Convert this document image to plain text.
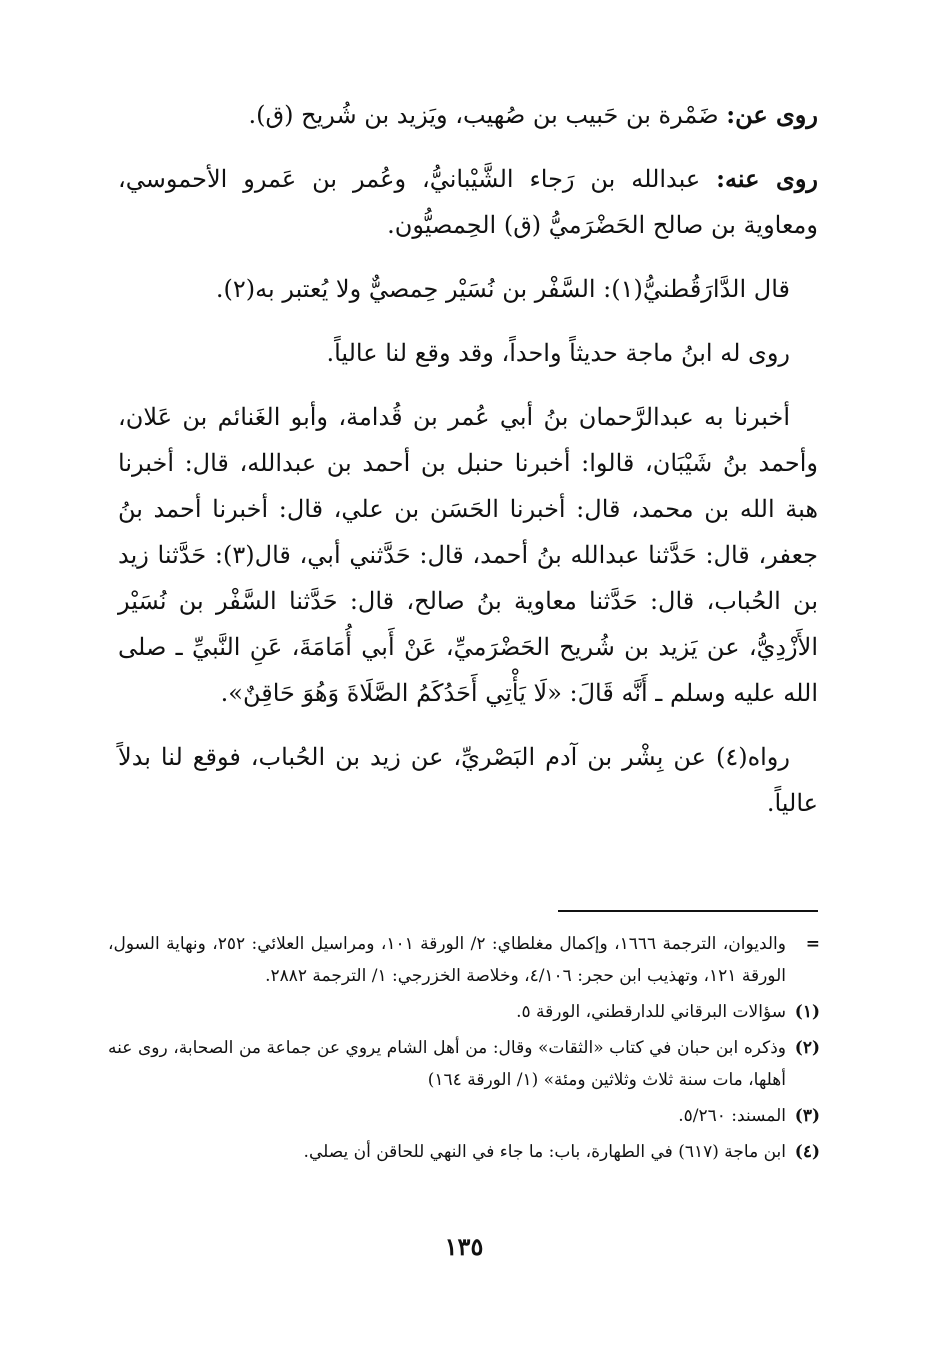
روى عن: ضَمْرة بن حَبيب بن صُهيب، ويَزيد بن شُريح (ق).

روى عنه: عبدالله بن رَجاء الشَّيْبانيُّ، وعُمر بن عَمرو الأحموسي، ومعاوية بن صالح الحَضْرَميُّ (ق) الحِمصيُّون.

قال الدَّارَقُطنيُّ(١): السَّفْر بن نُسَيْر حِمصيٌّ ولا يُعتبر به(٢).

روى له ابنُ ماجة حديثاً واحداً، وقد وقع لنا عالياً.

أخبرنا به عبدالرَّحمان بنُ أبي عُمر بن قُدامة، وأبو الغَنائم بن عَلان، وأحمد بنُ شَيْبَان، قالوا: أخبرنا حنبل بن أحمد بن عبدالله، قال: أخبرنا هبة الله بن محمد، قال: أخبرنا الحَسَن بن علي، قال: أخبرنا أحمد بنُ جعفر، قال: حَدَّثنا عبدالله بنُ أحمد، قال: حَدَّثني أبي، قال(٣): حَدَّثنا زيد بن الحُباب، قال: حَدَّثنا معاوية بنُ صالح، قال: حَدَّثنا السَّفْر بن نُسَيْر الأَزْدِيُّ، عن يَزيد بن شُريح الحَضْرَميِّ، عَنْ أَبي أُمَامَةَ، عَنِ النَّبيِّ ـ صلى الله عليه وسلم ـ أَنَّه قَالَ: «لَا يَأْتِي أَحَدُكَمُ الصَّلَاةَ وَهُوَ حَاقِنٌ».

رواه(٤) عن بِشْر بن آدم البَصْريِّ، عن زيد بن الحُباب، فوقع لنا بدلاً عالياً.

=
والديوان، الترجمة ١٦٦٦، وإكمال مغلطاي: ٢/ الورقة ١٠١، ومراسيل العلائي: ٢٥٢، ونهاية السول، الورقة ١٢١، وتهذيب ابن حجر: ٤/١٠٦، وخلاصة الخزرجي: ١/ الترجمة ٢٨٨٢.
(١)
سؤالات البرقاني للدارقطني، الورقة ٥.
(٢)
وذكره ابن حبان في كتاب «الثقات» وقال: من أهل الشام يروي عن جماعة من الصحابة، روى عنه أهلها، مات سنة ثلاث وثلاثين ومئة» (١/ الورقة ١٦٤)
(٣)
المسند: ٥/٢٦٠.
(٤)
ابن ماجة (٦١٧) في الطهارة، باب: ما جاء في النهي للحاقن أن يصلي.
١٣٥
